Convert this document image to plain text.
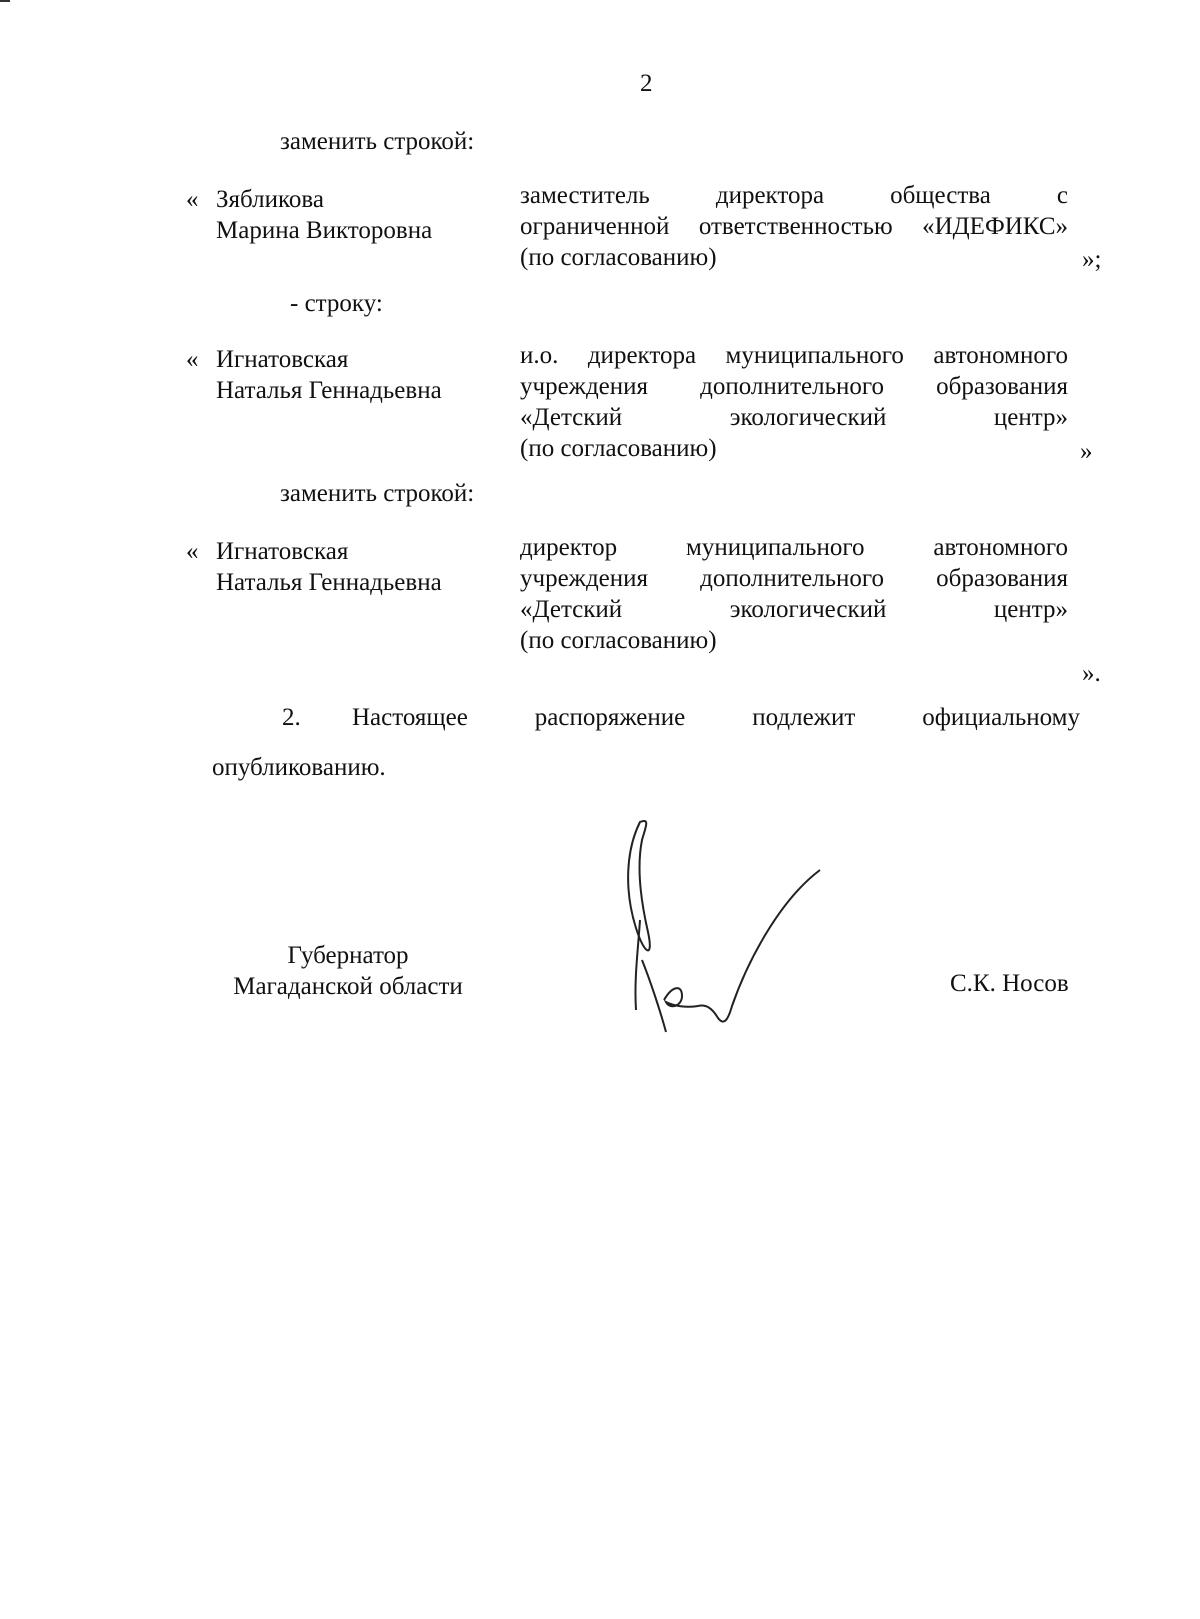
2
заменить строкой:
« Зябликова
Марина Викторовна
заместитель директора общества с
ограниченной ответственностью «ИДЕФИКС»
(по согласованию)	»;
- строку:
« Игнатовская
Наталья Геннадьевна
и.о. директора муниципального автономного
учреждения дополнительного образования
«Детский экологический центр»
(по согласованию)	»
заменить строкой:
« Игнатовская
Наталья Геннадьевна
директор муниципального автономного
учреждения дополнительного образования
«Детский экологический центр»
(по согласованию)
».
2. Настоящее распоряжение подлежит официальному
опубликованию.
Губернатор
Магаданской области	С.К. Носов
